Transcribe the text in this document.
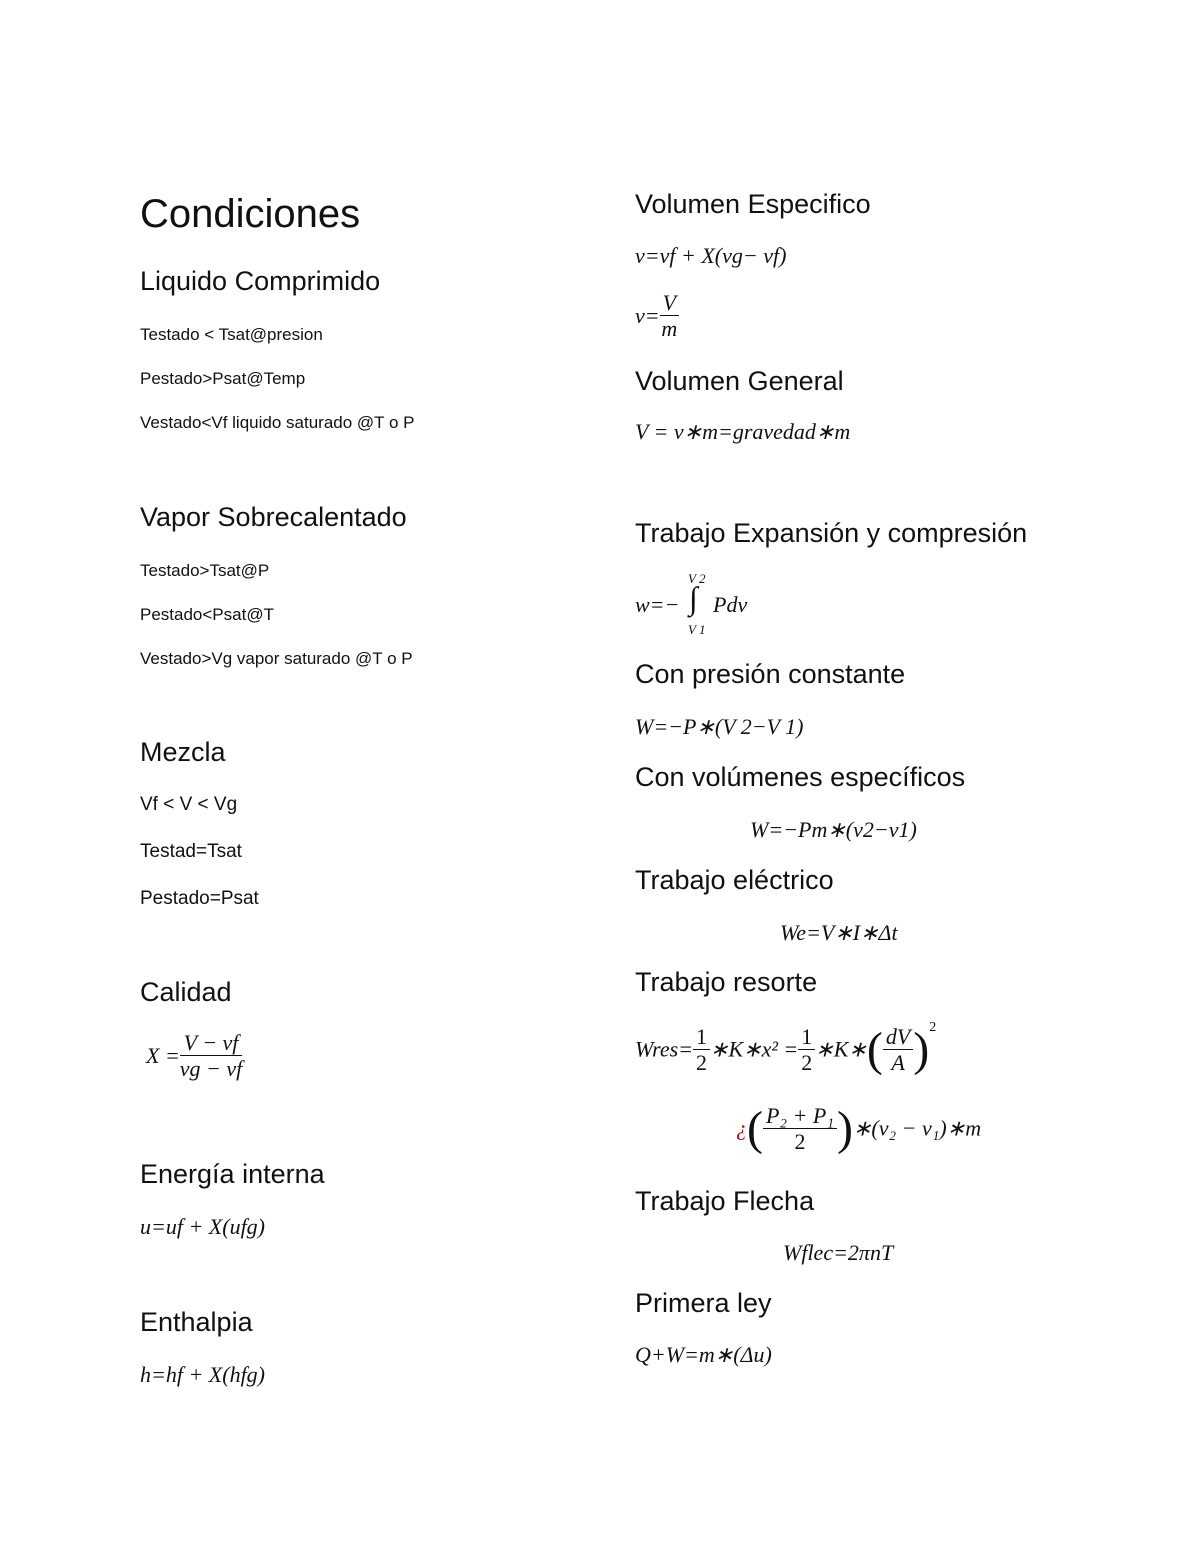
Condiciones
Liquido Comprimido
Testado < Tsat@presion
Pestado>Psat@Temp
Vestado<Vf liquido saturado @T o P
Vapor Sobrecalentado
Testado>Tsat@P
Pestado<Psat@T
Vestado>Vg vapor saturado @T o P
Mezcla
Vf < V < Vg
Testad=Tsat
Pestado=Psat
Calidad
$X = \frac{V - vf}{vg - vf}$
Energía interna
u=uf + X(ufg)
Enthalpia
h=hf + X(hfg)
Volumen Especifico
v=vf + X(vg− vf)
$v= \frac{V}{m}$
Volumen General
V = v∗m=gravedad∗m
Trabajo Expansión y compresión
w=−
V 2
∫
V 1
Pdv
Con presión constante
W=−P∗(V 2−V 1)
Con volúmenes específicos
W=−Pm∗(v2−v1)
Trabajo eléctrico
We=V∗I∗Δt
Trabajo resorte
Wres= $\frac{1}{2}$ ∗K∗x² = $\frac{1}{2}$ ∗K∗( $\frac{dV}{A} )^2$
¿( $\frac{\text{P₂ + P₁}}{2}$ )∗(v₂ − v₁)∗m
Trabajo Flecha
Wflec=2πnT
Primera ley
Q+W=m∗(Δu)
